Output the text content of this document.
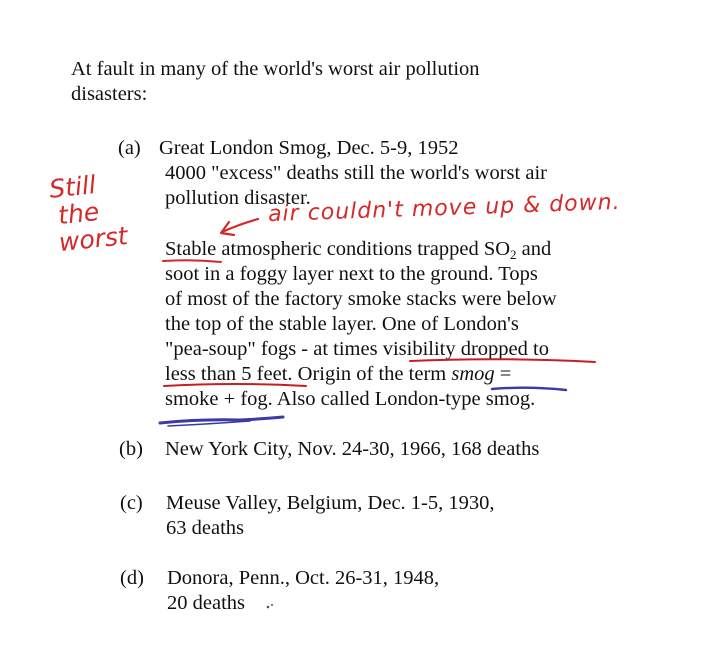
At fault in many of the world's worst air pollution
disasters:
(a) Great London Smog, Dec. 5-9, 1952
4000 "excess" deaths still the world's worst air
pollution disaster.
Stable atmospheric conditions trapped $SO_2$ and
soot in a foggy layer next to the ground. Tops
of most of the factory smoke stacks were below
the top of the stable layer. One of London's
"pea-soup" fogs - at times visibility dropped to
less than 5 feet. Origin of the term smog =
smoke + fog. Also called London-type smog.
(b) New York City, Nov. 24-30, 1966, 168 deaths
(c) Meuse Valley, Belgium, Dec. 1-5, 1930,
63 deaths
(d) Donora, Penn., Oct. 26-31, 1948,
20 deaths
Still
the
worst
air couldn't move up & down.
